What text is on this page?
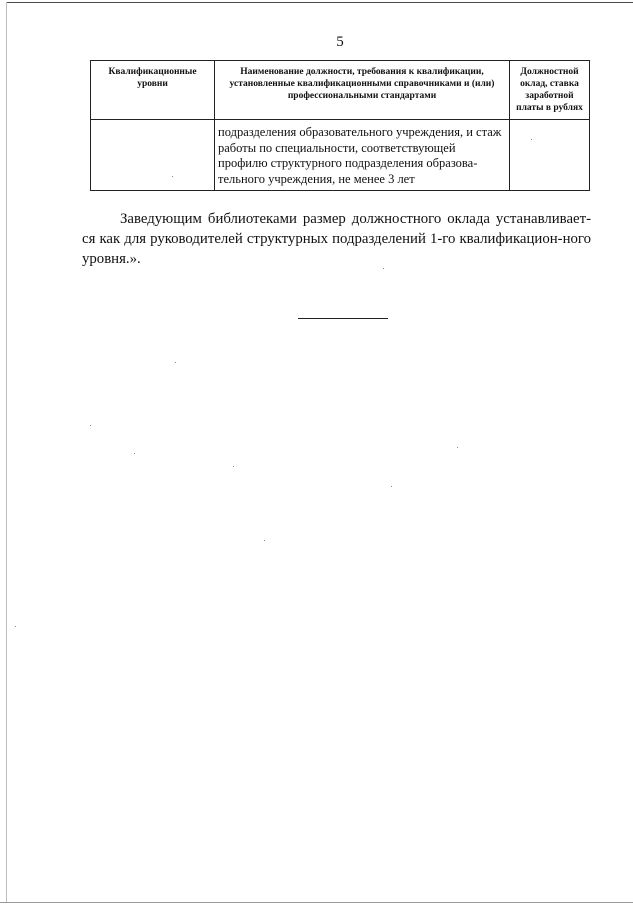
5
Квалификационные уровни	Наименование должности, требования к квалификации, установленные квалификационными справочниками и (или) профессиональными стандартами	Должностной оклад, ставка заработной платы в рублях
	подразделения образовательного учреждения, и стаж работы по специальности, соответствующей профилю структурного подразделения образова-тельного учреждения, не менее 3 лет	

Заведующим библиотеками размер должностного оклада устанавливает-ся как для руководителей структурных подразделений 1-го квалификацион-ного уровня.».
